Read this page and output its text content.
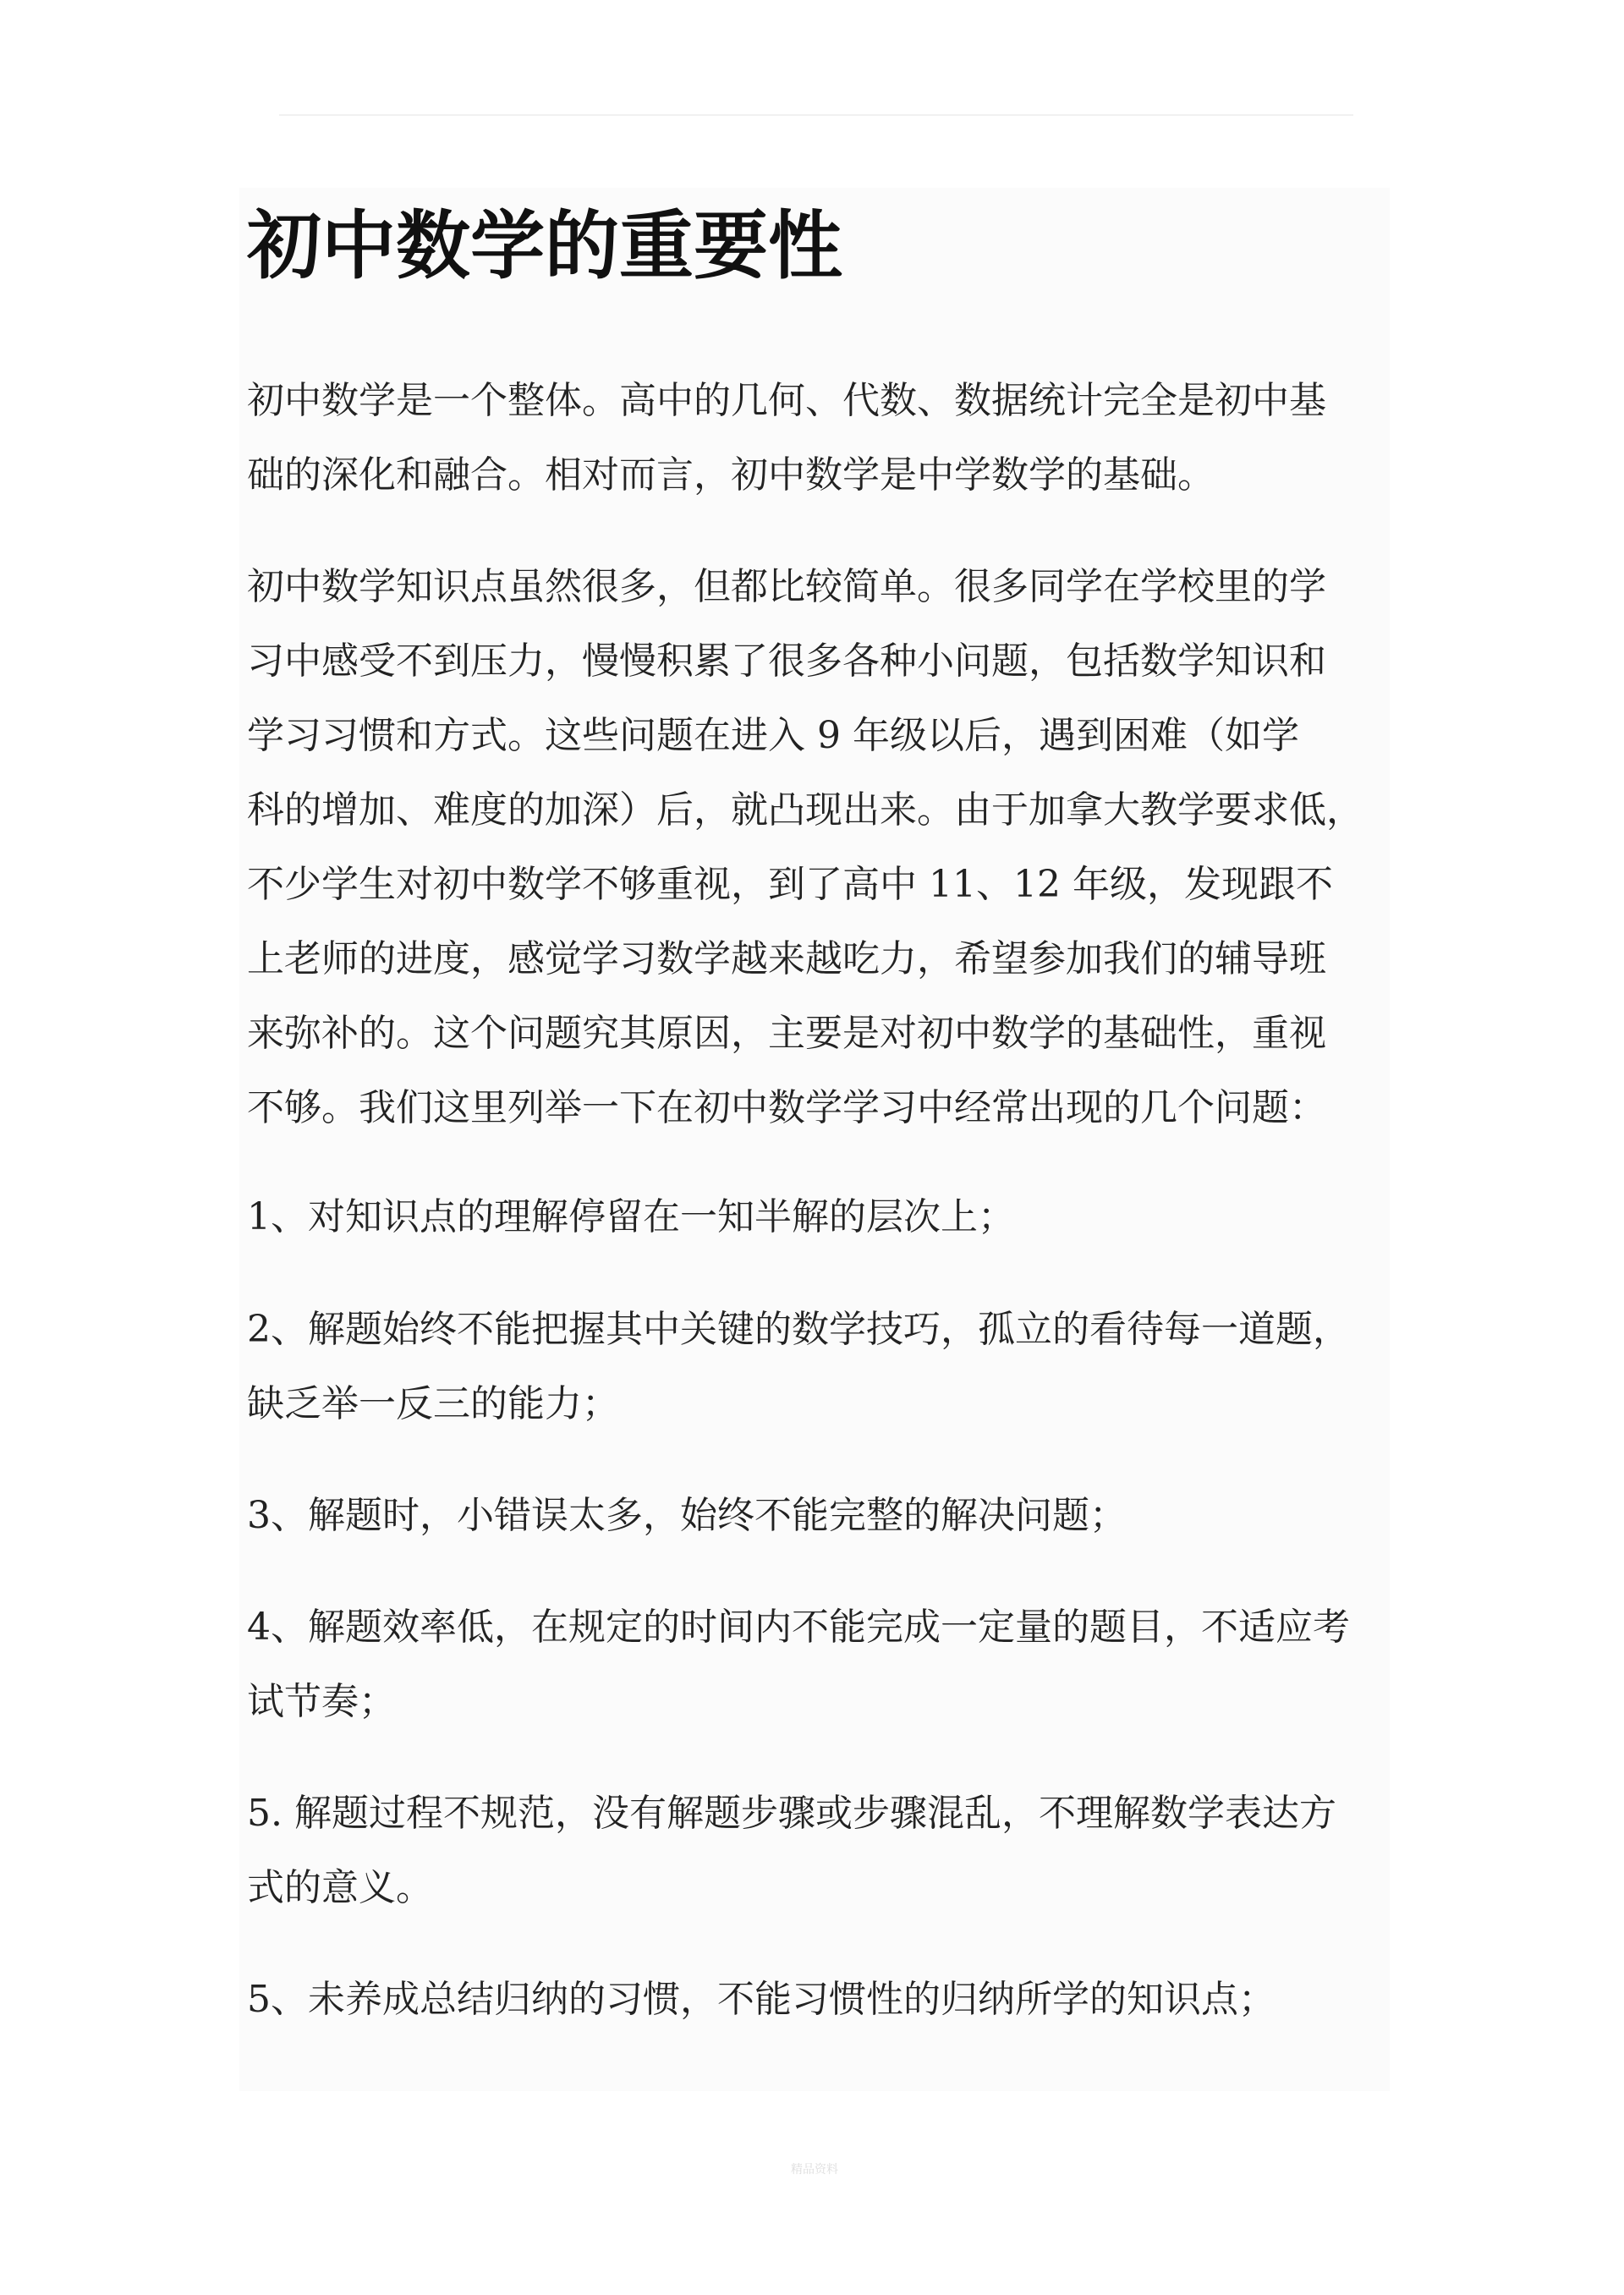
初中数学的重要性

初中数学是一个整体。高中的几何、代数、数据统计完全是初中基
础的深化和融合。相对而言，初中数学是中学数学的基础。

初中数学知识点虽然很多，但都比较简单。很多同学在学校里的学
习中感受不到压力，慢慢积累了很多各种小问题，包括数学知识和
学习习惯和方式。这些问题在进入 9 年级以后，遇到困难（如学
科的增加、难度的加深）后，就凸现出来。由于加拿大教学要求低，
不少学生对初中数学不够重视，到了高中 11、12 年级，发现跟不
上老师的进度，感觉学习数学越来越吃力，希望参加我们的辅导班
来弥补的。这个问题究其原因，主要是对初中数学的基础性，重视
不够。我们这里列举一下在初中数学学习中经常出现的几个问题：

1、对知识点的理解停留在一知半解的层次上；

2、解题始终不能把握其中关键的数学技巧，孤立的看待每一道题，
缺乏举一反三的能力；

3、解题时，小错误太多，始终不能完整的解决问题；

4、解题效率低，在规定的时间内不能完成一定量的题目，不适应考
试节奏；

5. 解题过程不规范，没有解题步骤或步骤混乱，不理解数学表达方
式的意义。

5、未养成总结归纳的习惯，不能习惯性的归纳所学的知识点；

精品资料
